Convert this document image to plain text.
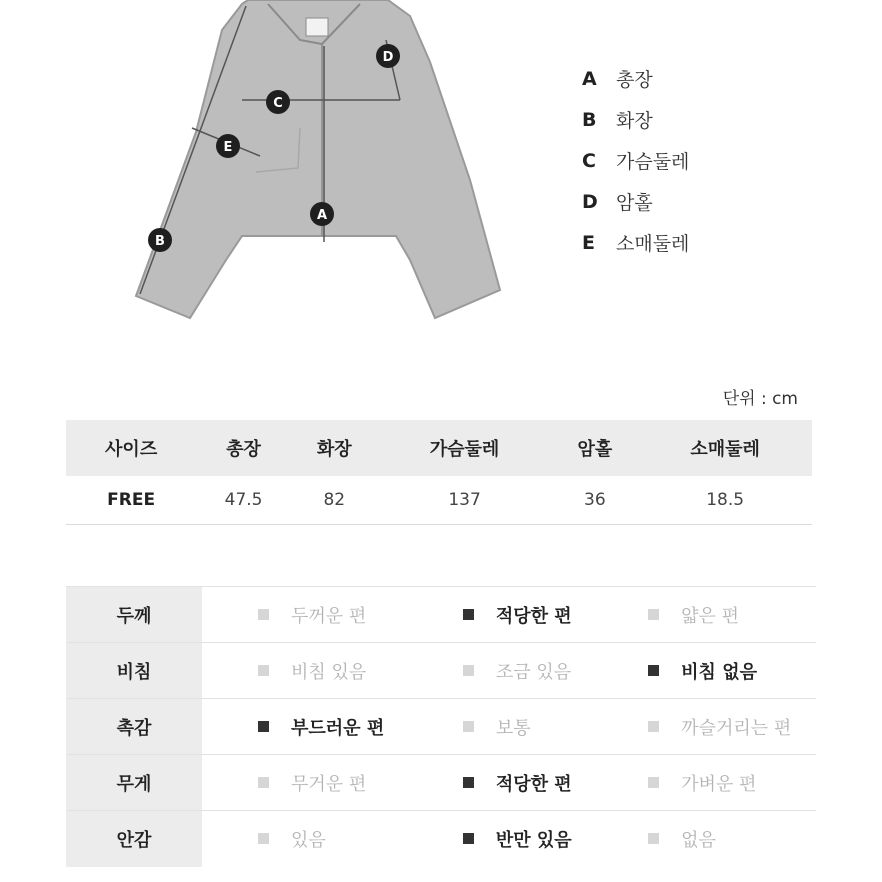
A
B
C
D
E
A	총장
B	화장
C	가슴둘레
D 암홀
E	소매둘레
단위 : cm
사이즈	총장	화장	가슴둘레	암홀	소매둘레
FREE	47.5	82	137	36	18.5
두께	두꺼운 편	적당한 편	얇은 편

비침	비침 있음	조금 있음	비침 없음

촉감	부드러운 편	보통	까슬거리는 편

무게	무거운 편	적당한 편	가벼운 편

안감	있음	반만 있음	없음
